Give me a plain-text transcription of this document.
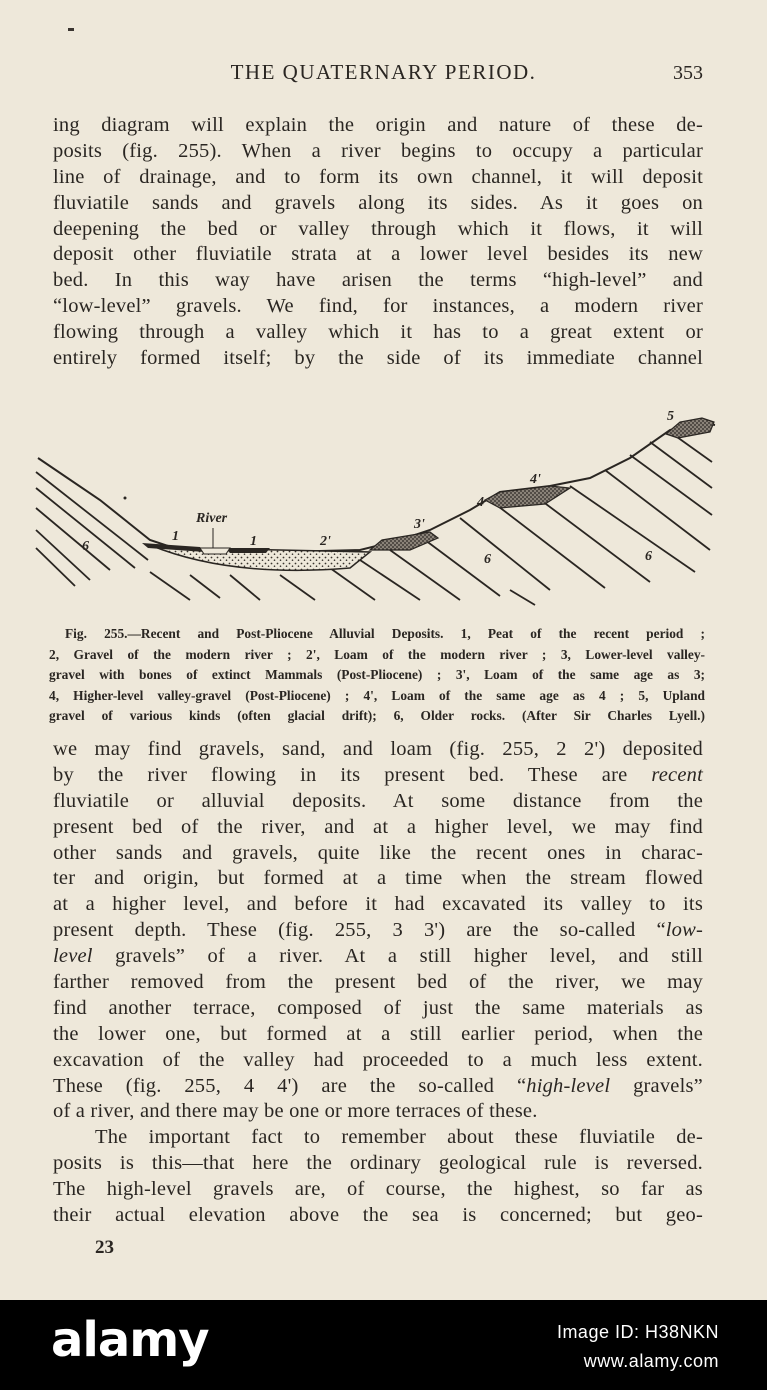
THE QUATERNARY PERIOD.	353
ing diagram will explain the origin and nature of these de-
posits (fig. 255). When a river begins to occupy a particular
line of drainage, and to form its own channel, it will deposit
fluviatile sands and gravels along its sides. As it goes on
deepening the bed or valley through which it flows, it will
deposit other fluviatile strata at a lower level besides its new
bed. In this way have arisen the terms “high-level” and
“low-level” gravels. We find, for instances, a modern river
flowing through a valley which it has to a great extent or
entirely formed itself; by the side of its immediate channel
River
1	1	2'
3'
4
4'
5
6
6	6
Fig. 255.—Recent and Post-Pliocene Alluvial Deposits. 1, Peat of the recent period ;
2, Gravel of the modern river ; 2', Loam of the modern river ; 3, Lower-level valley-
gravel with bones of extinct Mammals (Post-Pliocene) ; 3', Loam of the same age as 3;
4, Higher-level valley-gravel (Post-Pliocene) ; 4', Loam of the same age as 4 ; 5, Upland
gravel of various kinds (often glacial drift); 6, Older rocks. (After Sir Charles Lyell.)
we may find gravels, sand, and loam (fig. 255, 2 2') deposited
by the river flowing in its present bed. These are recent
fluviatile or alluvial deposits. At some distance from the
present bed of the river, and at a higher level, we may find
other sands and gravels, quite like the recent ones in charac-
ter and origin, but formed at a time when the stream flowed
at a higher level, and before it had excavated its valley to its
present depth. These (fig. 255, 3 3') are the so-called “low-
level gravels” of a river. At a still higher level, and still
farther removed from the present bed of the river, we may
find another terrace, composed of just the same materials as
the lower one, but formed at a still earlier period, when the
excavation of the valley had proceeded to a much less extent.
These (fig. 255, 4 4') are the so-called “high-level gravels”
of a river, and there may be one or more terraces of these.
The important fact to remember about these fluviatile de-
posits is this—that here the ordinary geological rule is reversed.
The high-level gravels are, of course, the highest, so far as
their actual elevation above the sea is concerned; but geo-
23
alamy	Image ID: H38NKN
www.alamy.com
